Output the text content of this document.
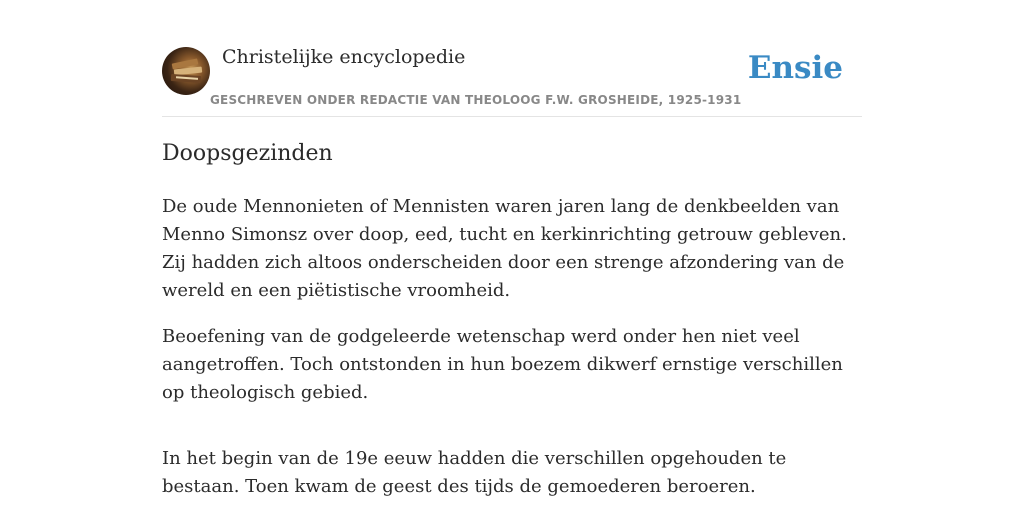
Christelijke encyclopedie
GESCHREVEN ONDER REDACTIE VAN THEOLOOG F.W. GROSHEIDE, 1925-1931
Ensie
Doopsgezinden

De oude Mennonieten of Mennisten waren jaren lang de denkbeelden van Menno Simonsz over doop, eed, tucht en kerkinrichting getrouw gebleven. Zij hadden zich altoos onderscheiden door een strenge afzondering van de wereld en een piëtistische vroomheid.

Beoefening van de godgeleerde wetenschap werd onder hen niet veel aangetroffen. Toch ontstonden in hun boezem dikwerf ernstige verschillen op theologisch gebied.

In het begin van de 19e eeuw hadden die verschillen opgehouden te bestaan. Toen kwam de geest des tijds de gemoederen beroeren.
